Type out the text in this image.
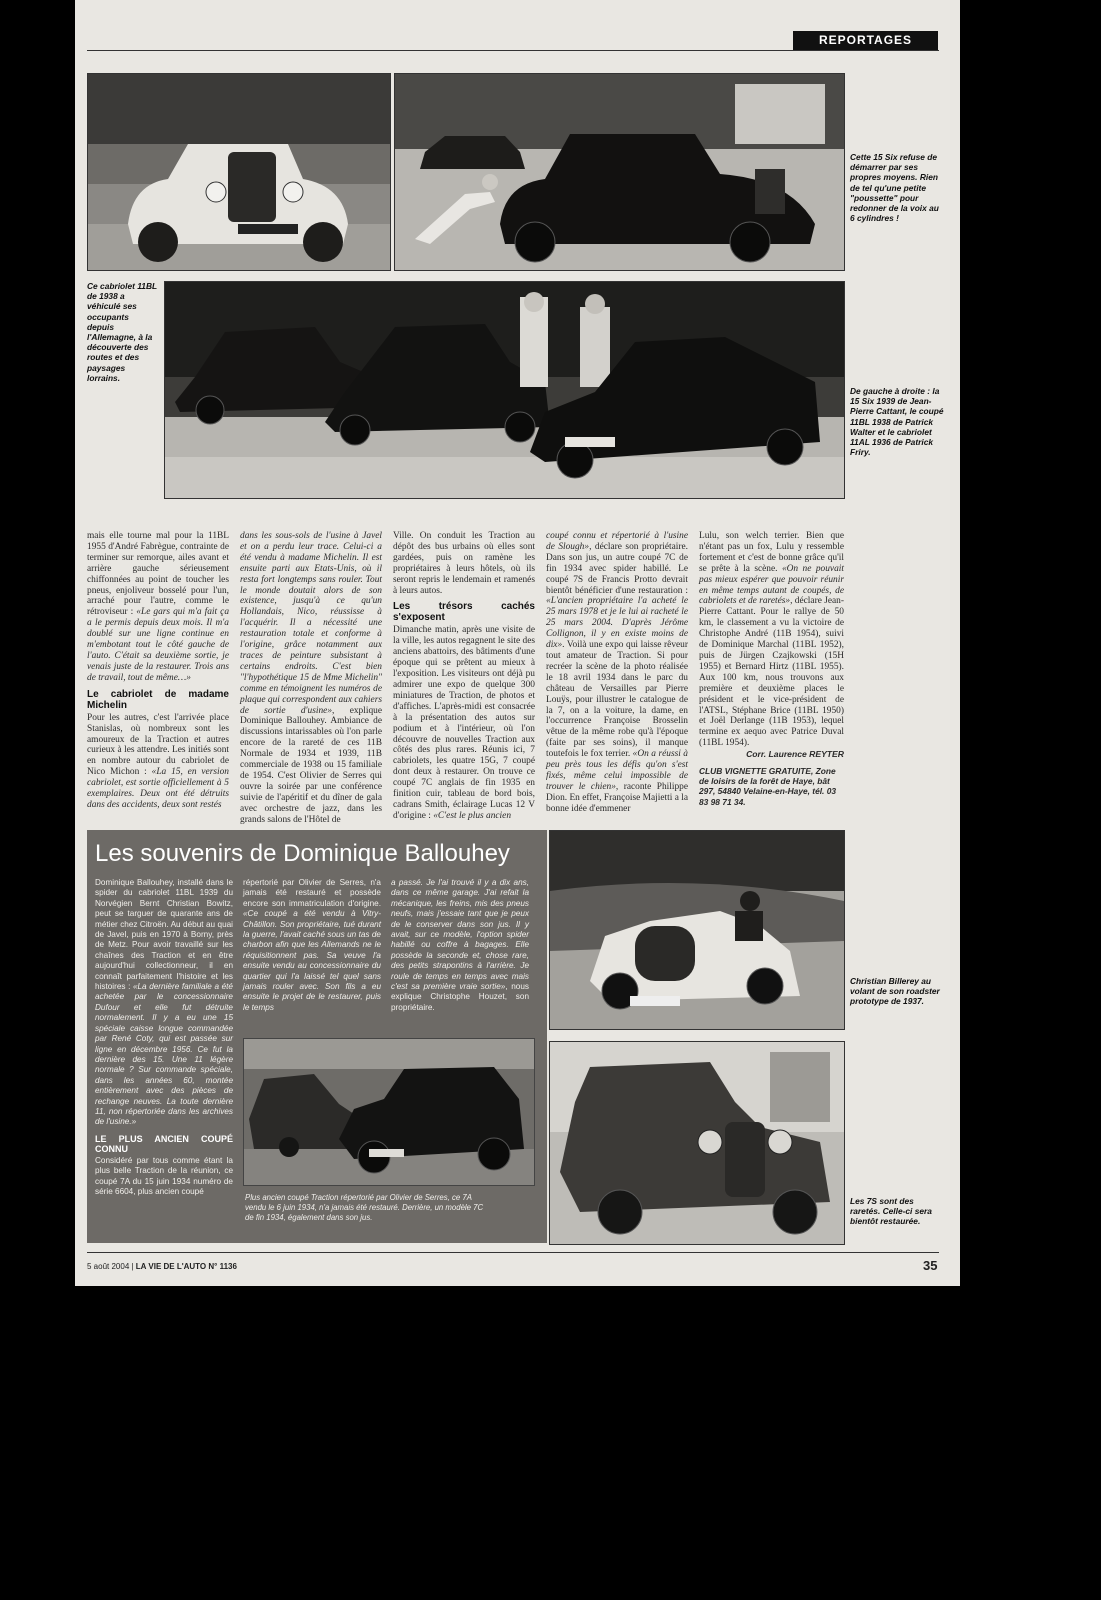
REPORTAGES
Cette 15 Six refuse de démarrer par ses propres moyens. Rien de tel qu'une petite "poussette" pour redonner de la voix au 6 cylindres !
Ce cabriolet 11BL de 1938 a véhiculé ses occupants depuis l'Allemagne, à la découverte des routes et des paysages lorrains.
De gauche à droite : la 15 Six 1939 de Jean-Pierre Cattant, le coupé 11BL 1938 de Patrick Walter et le cabriolet 11AL 1936 de Patrick Friry.

mais elle tourne mal pour la 11BL 1955 d'André Fabrègue, contrainte de terminer sur remorque, ailes avant et arrière gauche sérieusement chiffonnées au point de toucher les pneus, enjoliveur bosselé pour l'un, arraché pour l'autre, comme le rétroviseur : «Le gars qui m'a fait ça a le permis depuis deux mois. Il m'a doublé sur une ligne continue en m'embotant tout le côté gauche de l'auto. C'était sa deuxième sortie, je venais juste de la restaurer. Trois ans de travail, tout de même…»

Le cabriolet de madame Michelin

Pour les autres, c'est l'arrivée place Stanislas, où nombreux sont les amoureux de la Traction et autres curieux à les attendre. Les initiés sont en nombre autour du cabriolet de Nico Michon : «La 15, en version cabriolet, est sortie officiellement à 5 exemplaires. Deux ont été détruits dans des accidents, deux sont restés

dans les sous-sols de l'usine à Javel et on a perdu leur trace. Celui-ci a été vendu à madame Michelin. Il est ensuite parti aux Etats-Unis, où il resta fort longtemps sans rouler. Tout le monde doutait alors de son existence, jusqu'à ce qu'un Hollandais, Nico, réussisse à l'acquérir. Il a nécessité une restauration totale et conforme à l'origine, grâce notamment aux traces de peinture subsistant à certains endroits. C'est bien "l'hypothétique 15 de Mme Michelin" comme en témoignent les numéros de plaque qui correspondent aux cahiers de sortie d'usine», explique Dominique Ballouhey. Ambiance de discussions intarissables où l'on parle encore de la rareté de ces 11B Normale de 1934 et 1939, 11B commerciale de 1938 ou 15 familiale de 1954. C'est Olivier de Serres qui ouvre la soirée par une conférence suivie de l'apéritif et du dîner de gala avec orchestre de jazz, dans les grands salons de l'Hôtel de

Ville. On conduit les Traction au dépôt des bus urbains où elles sont gardées, puis on ramène les propriétaires à leurs hôtels, où ils seront repris le lendemain et ramenés à leurs autos.

Les trésors cachés s'exposent

Dimanche matin, après une visite de la ville, les autos regagnent le site des anciens abattoirs, des bâtiments d'une époque qui se prêtent au mieux à l'exposition. Les visiteurs ont déjà pu admirer une expo de quelque 300 miniatures de Traction, de photos et d'affiches. L'après-midi est consacrée à la présentation des autos sur podium et à l'intérieur, où l'on découvre de nouvelles Traction aux côtés des plus rares. Réunis ici, 7 cabriolets, les quatre 15G, 7 coupé dont deux à restaurer. On trouve ce coupé 7C anglais de fin 1935 en finition cuir, tableau de bord bois, cadrans Smith, éclairage Lucas 12 V d'origine : «C'est le plus ancien

coupé connu et répertorié à l'usine de Slough», déclare son propriétaire. Dans son jus, un autre coupé 7C de fin 1934 avec spider habillé. Le coupé 7S de Francis Protto devrait bientôt bénéficier d'une restauration : «L'ancien propriétaire l'a acheté le 25 mars 1978 et je le lui ai racheté le 25 mars 2004. D'après Jérôme Collignon, il y en existe moins de dix». Voilà une expo qui laisse rêveur tout amateur de Traction. Si pour recréer la scène de la photo réalisée le 18 avril 1934 dans le parc du château de Versailles par Pierre Louÿs, pour illustrer le catalogue de la 7, on a la voiture, la dame, en l'occurrence Françoise Brosselin vêtue de la même robe qu'à l'époque (faite par ses soins), il manque toutefois le fox terrier. «On a réussi à peu près tous les défis qu'on s'est fixés, même celui impossible de trouver le chien», raconte Philippe Dion. En effet, Françoise Majietti a la bonne idée d'emmener

Lulu, son welch terrier. Bien que n'étant pas un fox, Lulu y ressemble fortement et c'est de bonne grâce qu'il se prête à la scène. «On ne pouvait pas mieux espérer que pouvoir réunir en même temps autant de coupés, de cabriolets et de raretés», déclare Jean-Pierre Cattant. Pour le rallye de 50 km, le classement a vu la victoire de Christophe André (11B 1954), suivi de Dominique Marchal (11BL 1952), puis de Jürgen Czajkowski (15H 1955) et Bernard Hirtz (11BL 1955). Aux 100 km, nous trouvons aux première et deuxième places le président et le vice-président de l'ATSL, Stéphane Brice (11BL 1950) et Joël Derlange (11B 1953), lequel termine ex aequo avec Patrice Duval (11BL 1954).

Corr. Laurence REYTER
CLUB VIGNETTE GRATUITE, Zone de loisirs de la forêt de Haye, bât 297, 54840 Velaine-en-Haye, tél. 03 83 98 71 34.
Les souvenirs de Dominique Ballouhey
Dominique Ballouhey, installé dans le spider du cabriolet 11BL 1939 du Norvégien Bernt Christian Bowitz, peut se targuer de quarante ans de métier chez Citroën. Au début au quai de Javel, puis en 1970 à Borny, près de Metz. Pour avoir travaillé sur les chaînes des Traction et en être aujourd'hui collectionneur, il en connaît parfaitement l'histoire et les histoires : «La dernière familiale a été achetée par le concessionnaire Dufour et elle fut détruite normalement. Il y a eu une 15 spéciale caisse longue commandée par René Coty, qui est passée sur ligne en décembre 1956. Ce fut la dernière des 15. Une 11 légère normale ? Sur commande spéciale, dans les années 60, montée entièrement avec des pièces de rechange neuves. La toute dernière 11, non répertoriée dans les archives de l'usine.»
LE PLUS ANCIEN COUPÉ CONNU
Considéré par tous comme étant la plus belle Traction de la réunion, ce coupé 7A du 15 juin 1934 numéro de série 6604, plus ancien coupé
répertorié par Olivier de Serres, n'a jamais été restauré et possède encore son immatriculation d'origine. «Ce coupé a été vendu à Vitry-Châtillon. Son propriétaire, tué durant la guerre, l'avait caché sous un tas de charbon afin que les Allemands ne le réquisitionnent pas. Sa veuve l'a ensuite vendu au concessionnaire du quartier qui l'a laissé tel quel sans jamais rouler avec. Son fils a eu ensuite le projet de le restaurer, puis le temps
a passé. Je l'ai trouvé il y a dix ans, dans ce même garage. J'ai refait la mécanique, les freins, mis des pneus neufs, mais j'essaie tant que je peux de le conserver dans son jus. Il y avait, sur ce modèle, l'option spider habillé ou coffre à bagages. Elle possède la seconde et, chose rare, des petits strapontins à l'arrière. Je roule de temps en temps avec mais c'est sa première vraie sortie», nous explique Christophe Houzet, son propriétaire.
Plus ancien coupé Traction répertorié par Olivier de Serres, ce 7A vendu le 6 juin 1934, n'a jamais été restauré. Derrière, un modèle 7C de fin 1934, également dans son jus.
Christian Billerey au volant de son roadster prototype de 1937.
Les 7S sont des raretés. Celle-ci sera bientôt restaurée.
5 août 2004 | LA VIE DE L'AUTO N° 1136	35
